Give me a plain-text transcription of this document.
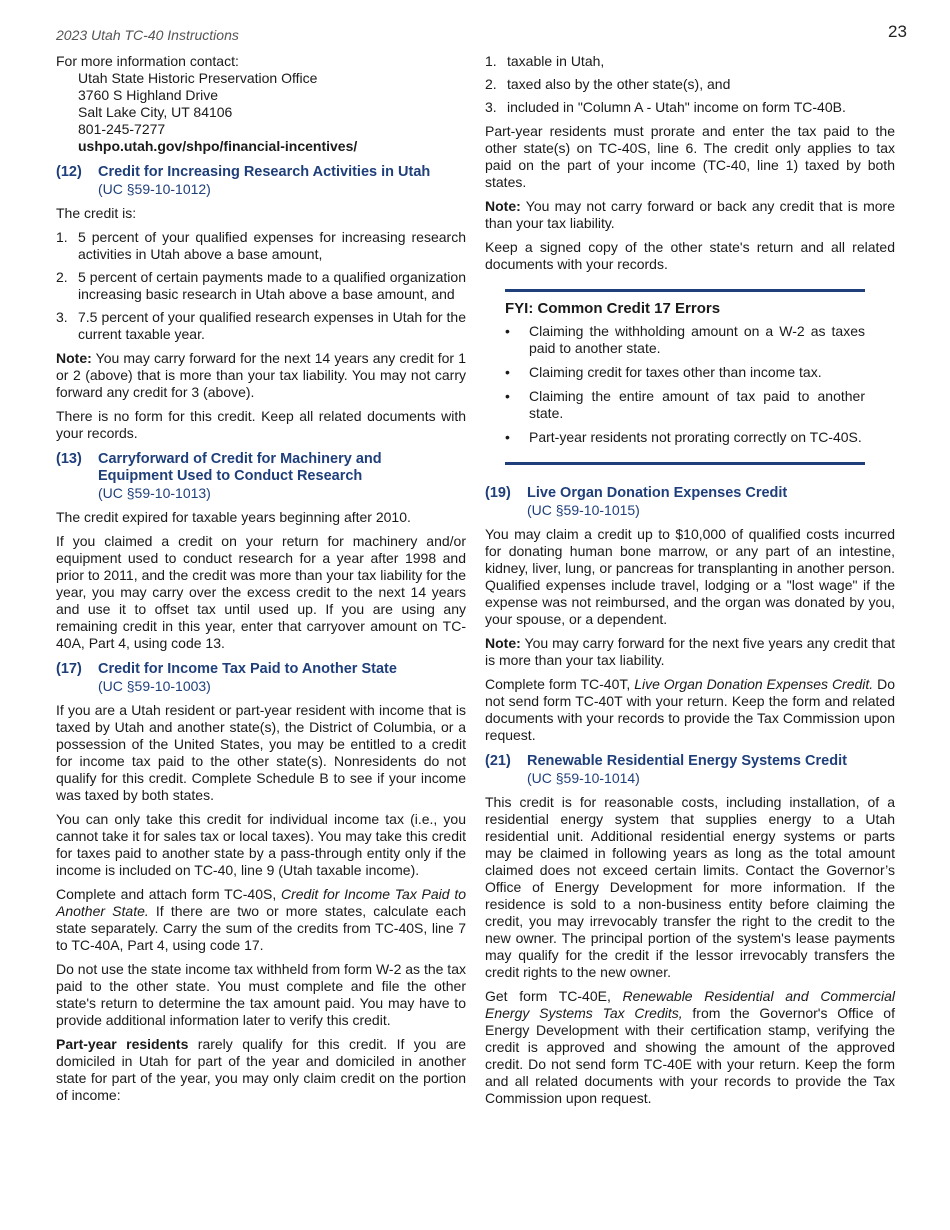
2023 Utah TC-40 Instructions	23

For more information contact:

Utah State Historic Preservation Office

3760 S Highland Drive

Salt Lake City, UT 84106

801-245-7277

ushpo.utah.gov/shpo/financial-incentives/

(12)	Credit for Increasing Research Activities in Utah
(UC §59-10-1012)

The credit is:

1. 5 percent of your qualified expenses for increasing research activities in Utah above a base amount,
2. 5 percent of certain payments made to a qualified organization increasing basic research in Utah above a base amount, and
3. 7.5 percent of your qualified research expenses in Utah for the current taxable year.

Note: You may carry forward for the next 14 years any credit for 1 or 2 (above) that is more than your tax liability. You may not carry forward any credit for 3 (above).

There is no form for this credit. Keep all related documents with your records.

(13)	Carryforward of Credit for Machinery and
Equipment Used to Conduct Research
(UC §59-10-1013)

The credit expired for taxable years beginning after 2010.

If you claimed a credit on your return for machinery and/or equipment used to conduct research for a year after 1998 and prior to 2011, and the credit was more than your tax liability for the year, you may carry over the excess credit to the next 14 years and use it to offset tax until used up. If you are using any remaining credit in this year, enter that carryover amount on TC-40A, Part 4, using code 13.

(17)	Credit for Income Tax Paid to Another State
(UC §59-10-1003)

If you are a Utah resident or part-year resident with income that is taxed by Utah and another state(s), the District of Columbia, or a possession of the United States, you may be entitled to a credit for income tax paid to the other state(s). Nonresidents do not qualify for this credit. Complete Schedule B to see if your income was taxed by both states.

You can only take this credit for individual income tax (i.e., you cannot take it for sales tax or local taxes). You may take this credit for taxes paid to another state by a pass-through entity only if the income is included on TC-40, line 9 (Utah taxable income).

Complete and attach form TC-40S, Credit for Income Tax Paid to Another State. If there are two or more states, calculate each state separately. Carry the sum of the credits from TC-40S, line 7 to TC-40A, Part 4, using code 17.

Do not use the state income tax withheld from form W-2 as the tax paid to the other state. You must complete and file the other state's return to determine the tax amount paid. You may have to provide additional information later to verify this credit.

Part-year residents rarely qualify for this credit. If you are domiciled in Utah for part of the year and domiciled in another state for part of the year, you may only claim credit on the portion of income:

1. taxable in Utah,
2. taxed also by the other state(s), and
3. included in "Column A - Utah" income on form TC-40B.

Part-year residents must prorate and enter the tax paid to the other state(s) on TC-40S, line 6. The credit only applies to tax paid on the part of your income (TC-40, line 1) taxed by both states.

Note: You may not carry forward or back any credit that is more than your tax liability.

Keep a signed copy of the other state's return and all related documents with your records.

FYI: Common Credit 17 Errors
•	Claiming the withholding amount on a W-2 as taxes paid to another state.
•	Claiming credit for taxes other than income tax.
•	Claiming the entire amount of tax paid to another state.
•	Part-year residents not prorating correctly on TC-40S.
(19)	Live Organ Donation Expenses Credit
(UC §59-10-1015)

You may claim a credit up to $10,000 of qualified costs incurred for donating human bone marrow, or any part of an intestine, kidney, liver, lung, or pancreas for transplanting in another person. Qualified expenses include travel, lodging or a "lost wage" if the expense was not reimbursed, and the organ was donated by you, your spouse, or a dependent.

Note: You may carry forward for the next five years any credit that is more than your tax liability.

Complete form TC-40T, Live Organ Donation Expenses Credit. Do not send form TC-40T with your return. Keep the form and related documents with your records to provide the Tax Commission upon request.

(21)	Renewable Residential Energy Systems Credit
(UC §59-10-1014)

This credit is for reasonable costs, including installation, of a residential energy system that supplies energy to a Utah residential unit. Additional residential energy systems or parts may be claimed in following years as long as the total amount claimed does not exceed certain limits. Contact the Governor’s Office of Energy Development for more information. If the residence is sold to a non-business entity before claiming the credit, you may irrevocably transfer the right to the credit to the new owner. The principal portion of the system's lease payments may qualify for the credit if the lessor irrevocably transfers the credit rights to the new owner.

Get form TC-40E, Renewable Residential and Commercial Energy Systems Tax Credits, from the Governor's Office of Energy Development with their certification stamp, verifying the credit is approved and showing the amount of the approved credit. Do not send form TC-40E with your return. Keep the form and all related documents with your records to provide the Tax Commission upon request.
